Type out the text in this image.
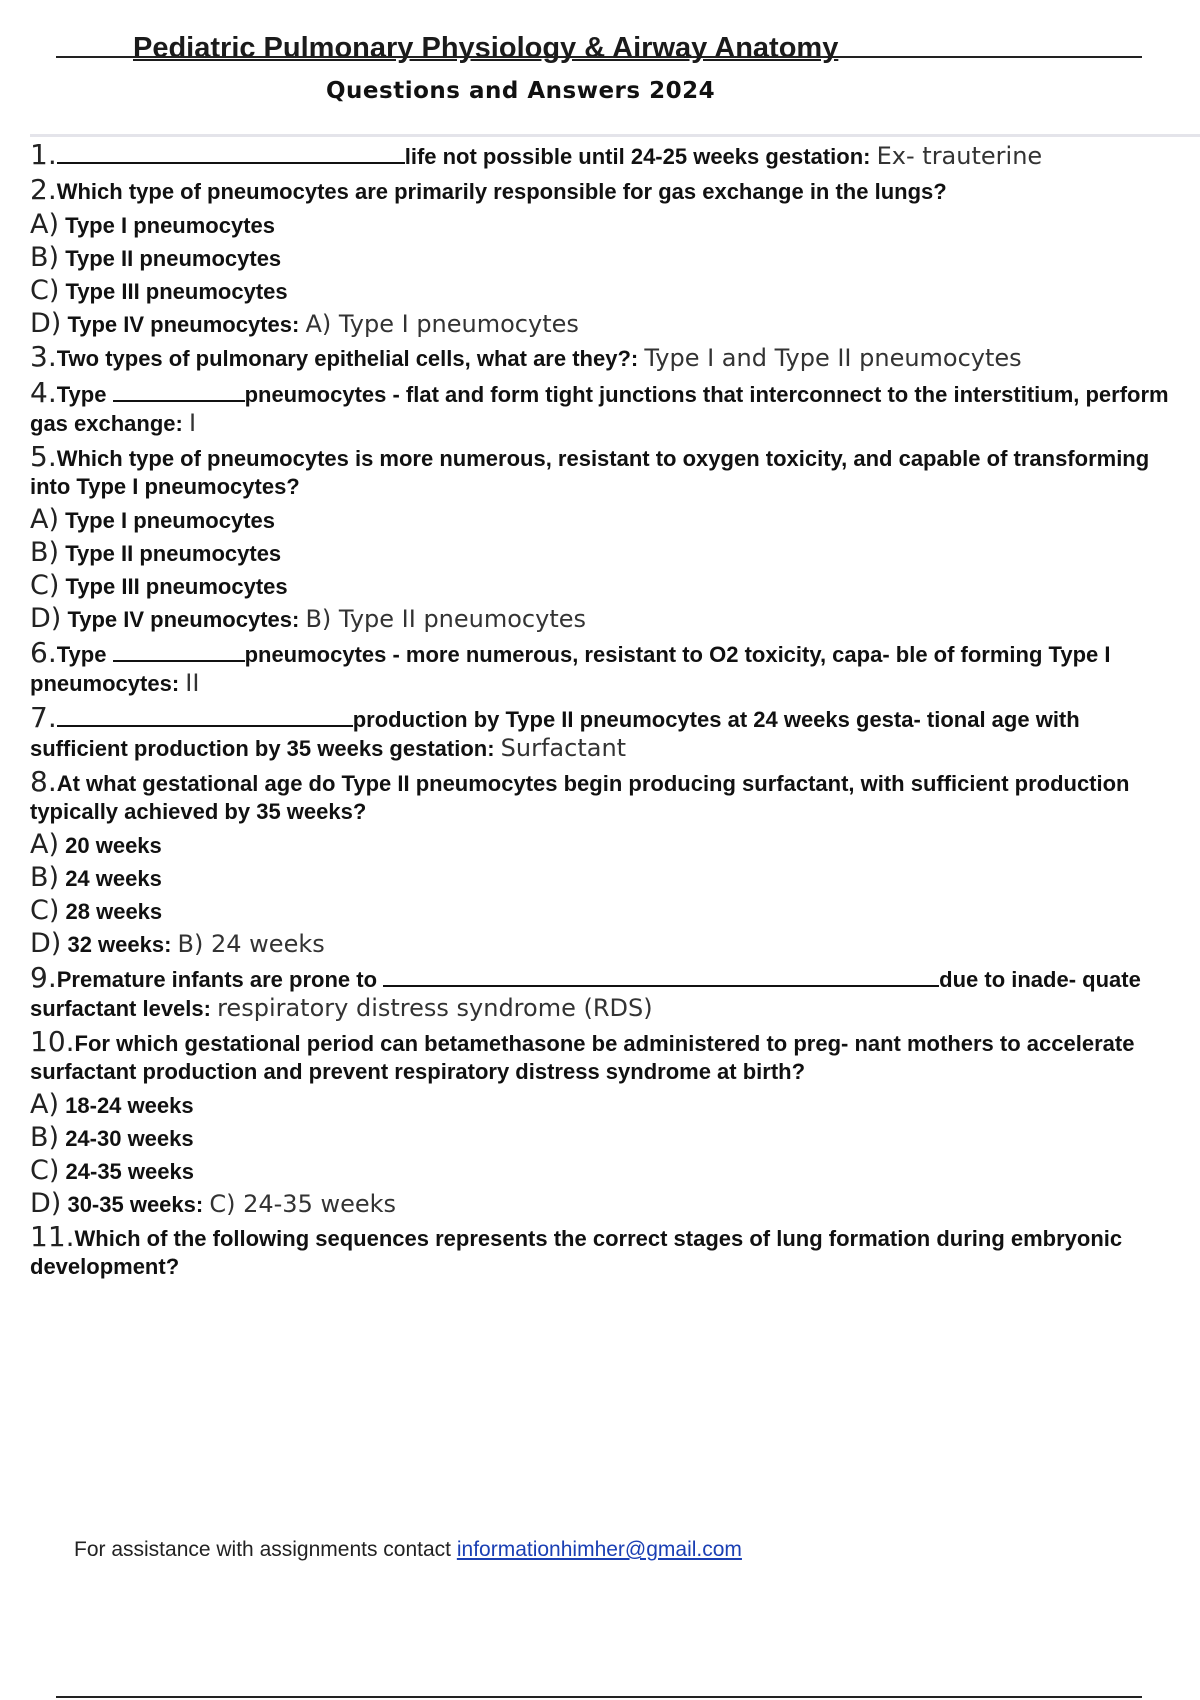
Pediatric Pulmonary Physiology & Airway Anatomy
Questions and Answers 2024

1.	life not possible until 24-25 weeks gestation: Ex- trauterine

2.Which type of pneumocytes are primarily responsible for gas exchange in the lungs?

A) Type I pneumocytes
B) Type II pneumocytes
C) Type III pneumocytes
D) Type IV pneumocytes: A) Type I pneumocytes

3.Two types of pulmonary epithelial cells, what are they?: Type I and Type II pneumocytes

4.Type	pneumocytes - flat and form tight junctions that interconnect to the interstitium, perform gas exchange: I

5.Which type of pneumocytes is more numerous, resistant to oxygen toxicity, and capable of transforming into Type I pneumocytes?

A) Type I pneumocytes
B) Type II pneumocytes
C) Type III pneumocytes
D) Type IV pneumocytes: B) Type II pneumocytes

6.Type	pneumocytes - more numerous, resistant to O2 toxicity, capa- ble of forming Type I pneumocytes: II

7.	production by Type II pneumocytes at 24 weeks gesta- tional age with sufficient production by 35 weeks gestation: Surfactant

8.At what gestational age do Type II pneumocytes begin producing surfactant, with sufficient production typically achieved by 35 weeks?

A) 20 weeks
B) 24 weeks
C) 28 weeks
D) 32 weeks: B) 24 weeks

9.Premature infants are prone to	due to inade- quate surfactant levels: respiratory distress syndrome (RDS)

10.For which gestational period can betamethasone be administered to preg- nant mothers to accelerate surfactant production and prevent respiratory distress syndrome at birth?

A) 18-24 weeks
B) 24-30 weeks
C) 24-35 weeks
D) 30-35 weeks: C) 24-35 weeks

11.Which of the following sequences represents the correct stages of lung formation during embryonic development?

For assistance with assignments contact informationhimher@gmail.com
